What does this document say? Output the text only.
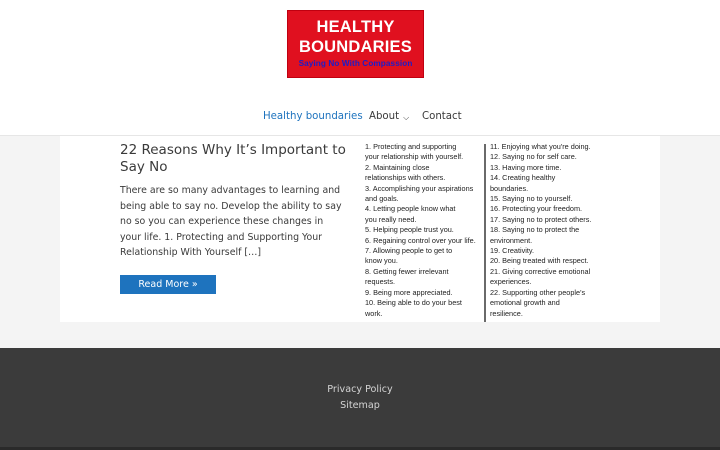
HEALTHY
BOUNDARIES
Saying No With Compassion
Healthy boundaries About ⌵ Contact
22 Reasons Why It’s Important to Say No

There are so many advantages to learning and being able to say no. Develop the ability to say no so you can experience these changes in your life. 1. Protecting and Supporting Your Relationship With Yourself […]

Read More »
1. Protecting and supporting
your relationship with yourself.
2. Maintaining close
relationships with others.
3. Accomplishing your aspirations
and goals.
4. Letting people know what
you really need.
5. Helping people trust you.
6. Regaining control over your life.
7. Allowing people to get to
know you.
8. Getting fewer irrelevant
requests.
9. Being more appreciated.
10. Being able to do your best
work.
11. Enjoying what you're doing.
12. Saying no for self care.
13. Having more time.
14. Creating healthy
boundaries.
15. Saying no to yourself.
16. Protecting your freedom.
17. Saying no to protect others.
18. Saying no to protect the
environment.
19. Creativity.
20. Being treated with respect.
21. Giving corrective emotional
experiences.
22. Supporting other people's
emotional growth and
resilience.
Privacy Policy
Sitemap
